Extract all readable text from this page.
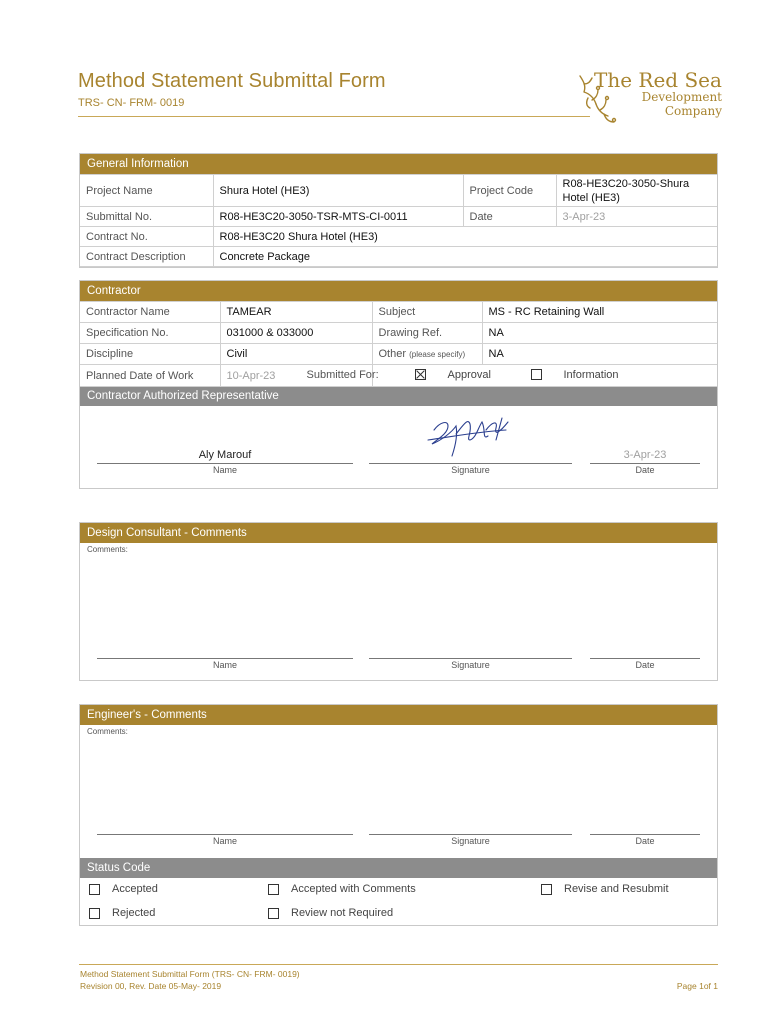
Method Statement Submittal Form
TRS- CN- FRM- 0019
The Red Sea
Development
Company
General Information
Project Name	Shura Hotel (HE3)	Project Code	R08-HE3C20-3050-Shura Hotel (HE3)
Submittal No.	R08-HE3C20-3050-TSR-MTS-CI-0011	Date	3-Apr-23
Contract No.	R08-HE3C20 Shura Hotel (HE3)		
Contract Description	Concrete Package		
Contractor
Contractor Name	TAMEAR	Subject	MS - RC Retaining Wall
Specification No.	031000 & 033000	Drawing Ref.	NA
Discipline	Civil	Other (please specify)	NA
Planned Date of Work	10-Apr-23	Submitted For: Approval Information	
Contractor Authorized Representative
Aly Marouf
Name	Signature
3-Apr-23
Date
Design Consultant - Comments
Comments:
Name	Signature	Date
Engineer's - Comments
Comments:
Name	Signature	Date
Status Code
Accepted	Accepted with Comments	Revise and Resubmit
Rejected	Review not Required
Method Statement Submittal Form (TRS- CN- FRM- 0019)
Revision 00, Rev. Date 05-May- 2019	Page 1of 1
